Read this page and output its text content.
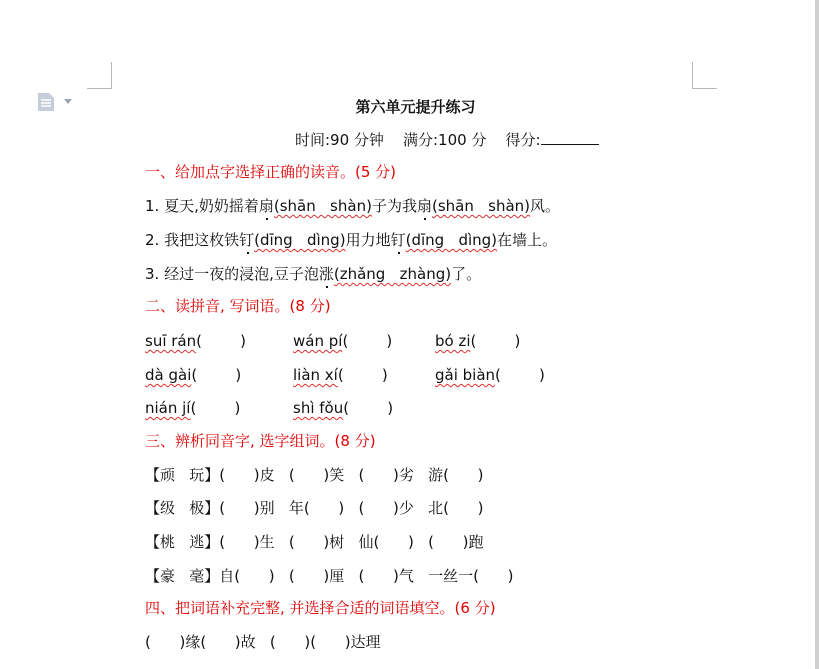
第六单元提升练习
时间:90 分钟 满分:100 分 得分:
一、给加点字选择正确的读音。(5 分)
1. 夏天,奶奶摇着扇(shān   shàn)子为我扇(shān   shàn)风。
2. 我把这枚铁钉(dīng   dìng)用力地钉(dīng   dìng)在墙上。
3. 经过一夜的浸泡,豆子泡涨(zhǎng   zhàng)了。
二、读拼音, 写词语。(8 分)
suī rán(        )	wán pí(        )	bó zi(        )
dà gài(        )	liàn xí(        )	gǎi biàn(        )
nián jí(        )	shì fǒu(        )
三、辨析同音字, 选字组词。(8 分)
【顽   玩】(      )皮   (      )笑   (      )劣   游(      )
【级   极】(      )别   年(      )   (      )少   北(      )
【桃   逃】(      )生   (      )树   仙(      )   (      )跑
【豪   毫】自(      )   (      )厘   (      )气   一丝一(      )
四、把词语补充完整, 并选择合适的词语填空。(6 分)
(      )缘(      )故   (      )(      )达理
